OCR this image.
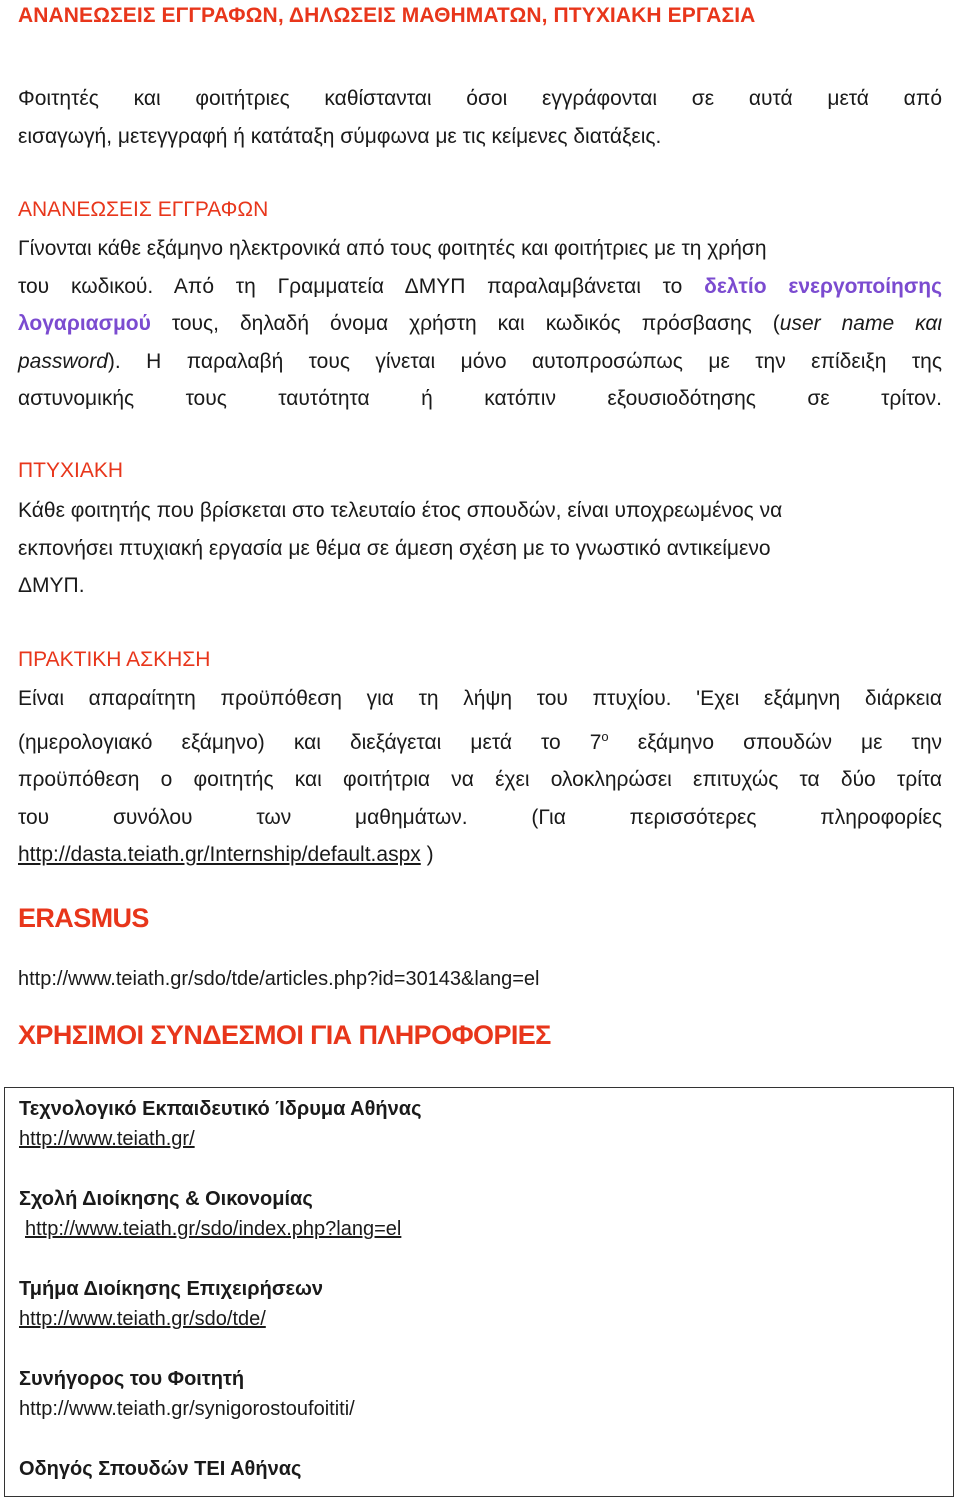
ΑΝΑΝΕΩΣΕΙΣ ΕΓΓΡΑΦΩΝ, ΔΗΛΩΣΕΙΣ ΜΑΘΗΜΑΤΩΝ, ΠΤΥΧΙΑΚΗ ΕΡΓΑΣΙΑ
Φοιτητές και φοιτήτριες καθίστανται όσοι εγγράφονται σε αυτά μετά από
εισαγωγή, μετεγγραφή ή κατάταξη σύμφωνα με τις κείμενες διατάξεις.
ΑΝΑΝΕΩΣΕΙΣ ΕΓΓΡΑΦΩΝ
Γίνονται κάθε εξάμηνο ηλεκτρονικά από τους φοιτητές και φοιτήτριες με τη χρήση
του κωδικού. Από τη Γραμματεία ΔΜΥΠ παραλαμβάνεται το δελτίο ενεργοποίησης
λογαριασμού τους, δηλαδή όνομα χρήστη και κωδικός πρόσβασης (user name και
password). Η παραλαβή τους γίνεται μόνο αυτοπροσώπως με την επίδειξη της
αστυνομικής τους ταυτότητα ή κατόπιν εξουσιοδότησης σε τρίτον.
ΠΤΥΧΙΑΚΗ
Κάθε φοιτητής που βρίσκεται στο τελευταίο έτος σπουδών, είναι υποχρεωμένος να
εκπονήσει πτυχιακή εργασία με θέμα σε άμεση σχέση με το γνωστικό αντικείμενο
ΔΜΥΠ.
ΠΡΑΚΤΙΚΗ ΑΣΚΗΣΗ
Είναι απαραίτητη προϋπόθεση για τη λήψη του πτυχίου. 'Εχει εξάμηνη διάρκεια
(ημερολογιακό εξάμηνο) και διεξάγεται μετά το $7^o$ εξάμηνο σπουδών με την
προϋπόθεση ο φοιτητής και φοιτήτρια να έχει ολοκληρώσει επιτυχώς τα δύο τρίτα
του συνόλου των μαθημάτων. (Για περισσότερες πληροφορίες
http://dasta.teiath.gr/Internship/default.aspx )
ERASMUS
http://www.teiath.gr/sdo/tde/articles.php?id=30143&lang=el
ΧΡΗΣΙΜΟΙ ΣΥΝΔΕΣΜΟΙ ΓΙΑ ΠΛΗΡΟΦΟΡΙΕΣ
Τεχνολογικό Εκπαιδευτικό Ίδρυμα Αθήνας
http://www.teiath.gr/
Σχολή Διοίκησης & Οικονομίας
http://www.teiath.gr/sdo/index.php?lang=el
Τμήμα Διοίκησης Επιχειρήσεων
http://www.teiath.gr/sdo/tde/
Συνήγορος του Φοιτητή
http://www.teiath.gr/synigorostoufoititi/
Οδηγός Σπουδών ΤΕΙ Αθήνας
